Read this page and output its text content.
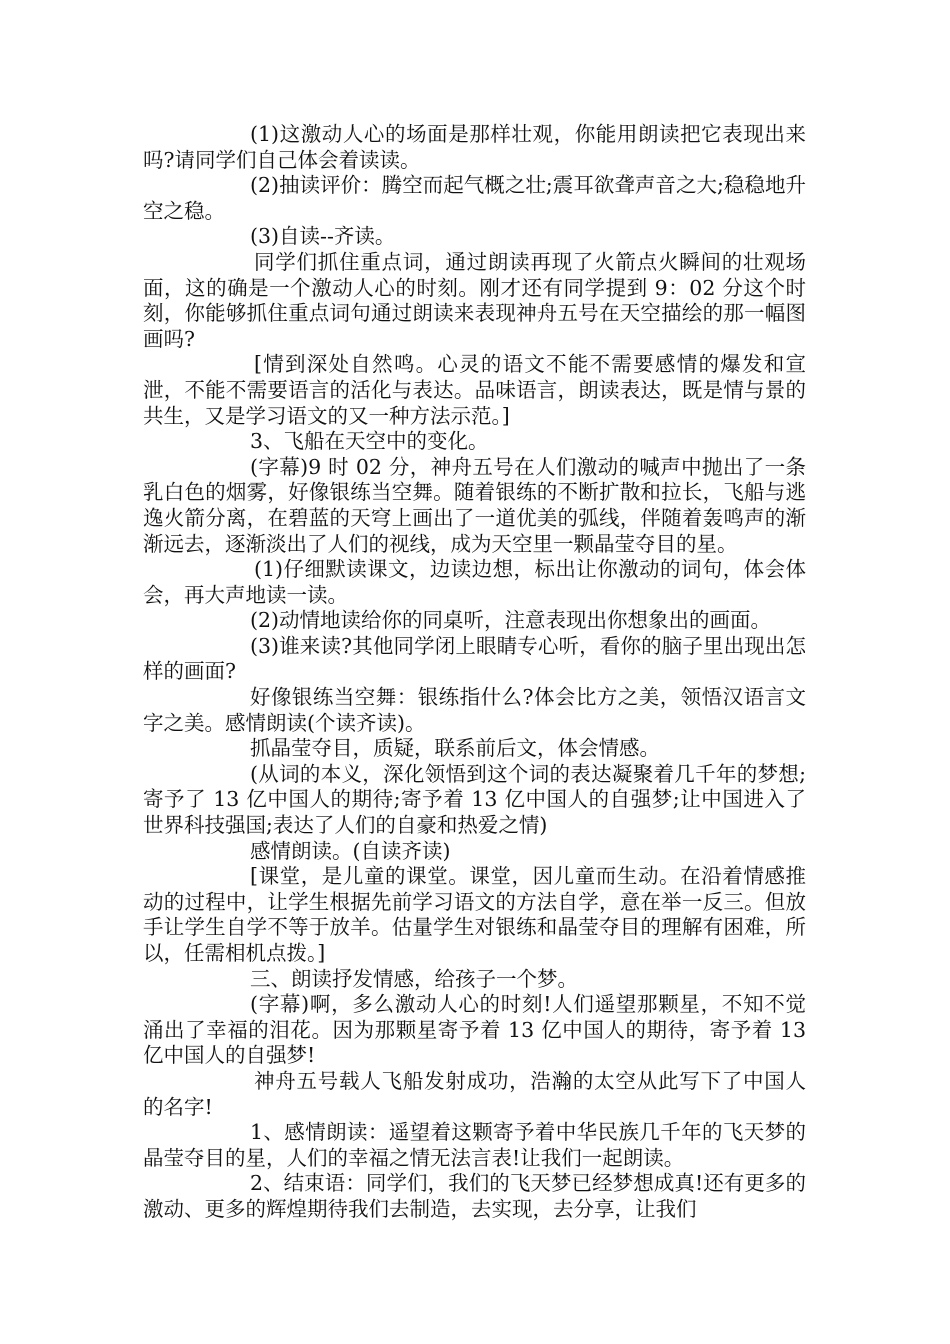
(1)这激动人心的场面是那样壮观，你能用朗读把它表现出来吗?请同学们自己体会着读读。

(2)抽读评价：腾空而起气概之壮;震耳欲聋声音之大;稳稳地升空之稳。

(3)自读--齐读。

同学们抓住重点词，通过朗读再现了火箭点火瞬间的壮观场面，这的确是一个激动人心的时刻。刚才还有同学提到 9：02 分这个时刻，你能够抓住重点词句通过朗读来表现神舟五号在天空描绘的那一幅图画吗?

[情到深处自然鸣。心灵的语文不能不需要感情的爆发和宣泄，不能不需要语言的活化与表达。品味语言，朗读表达，既是情与景的共生，又是学习语文的又一种方法示范。]

3、飞船在天空中的变化。

(字幕)9 时 02 分，神舟五号在人们激动的喊声中抛出了一条乳白色的烟雾，好像银练当空舞。随着银练的不断扩散和拉长，飞船与逃逸火箭分离，在碧蓝的天穹上画出了一道优美的弧线，伴随着轰鸣声的渐渐远去，逐渐淡出了人们的视线，成为天空里一颗晶莹夺目的星。

(1)仔细默读课文，边读边想，标出让你激动的词句，体会体会，再大声地读一读。

(2)动情地读给你的同桌听，注意表现出你想象出的画面。

(3)谁来读?其他同学闭上眼睛专心听，看你的脑子里出现出怎样的画面?

好像银练当空舞：银练指什么?体会比方之美，领悟汉语言文字之美。感情朗读(个读齐读)。

抓晶莹夺目，质疑，联系前后文，体会情感。

(从词的本义，深化领悟到这个词的表达凝聚着几千年的梦想;寄予了 13 亿中国人的期待;寄予着 13 亿中国人的自强梦;让中国进入了世界科技强国;表达了人们的自豪和热爱之情)

感情朗读。(自读齐读)

[课堂，是儿童的课堂。课堂，因儿童而生动。在沿着情感推动的过程中，让学生根据先前学习语文的方法自学，意在举一反三。但放手让学生自学不等于放羊。估量学生对银练和晶莹夺目的理解有困难，所以，任需相机点拨。]

三、朗读抒发情感，给孩子一个梦。

(字幕)啊，多么激动人心的时刻!人们遥望那颗星，不知不觉涌出了幸福的泪花。因为那颗星寄予着 13 亿中国人的期待，寄予着 13 亿中国人的自强梦!

神舟五号载人飞船发射成功，浩瀚的太空从此写下了中国人的名字!

1、感情朗读：遥望着这颗寄予着中华民族几千年的飞天梦的晶莹夺目的星，人们的幸福之情无法言表!让我们一起朗读。

2、结束语：同学们，我们的飞天梦已经梦想成真!还有更多的激动、更多的辉煌期待我们去制造，去实现，去分享，让我们
